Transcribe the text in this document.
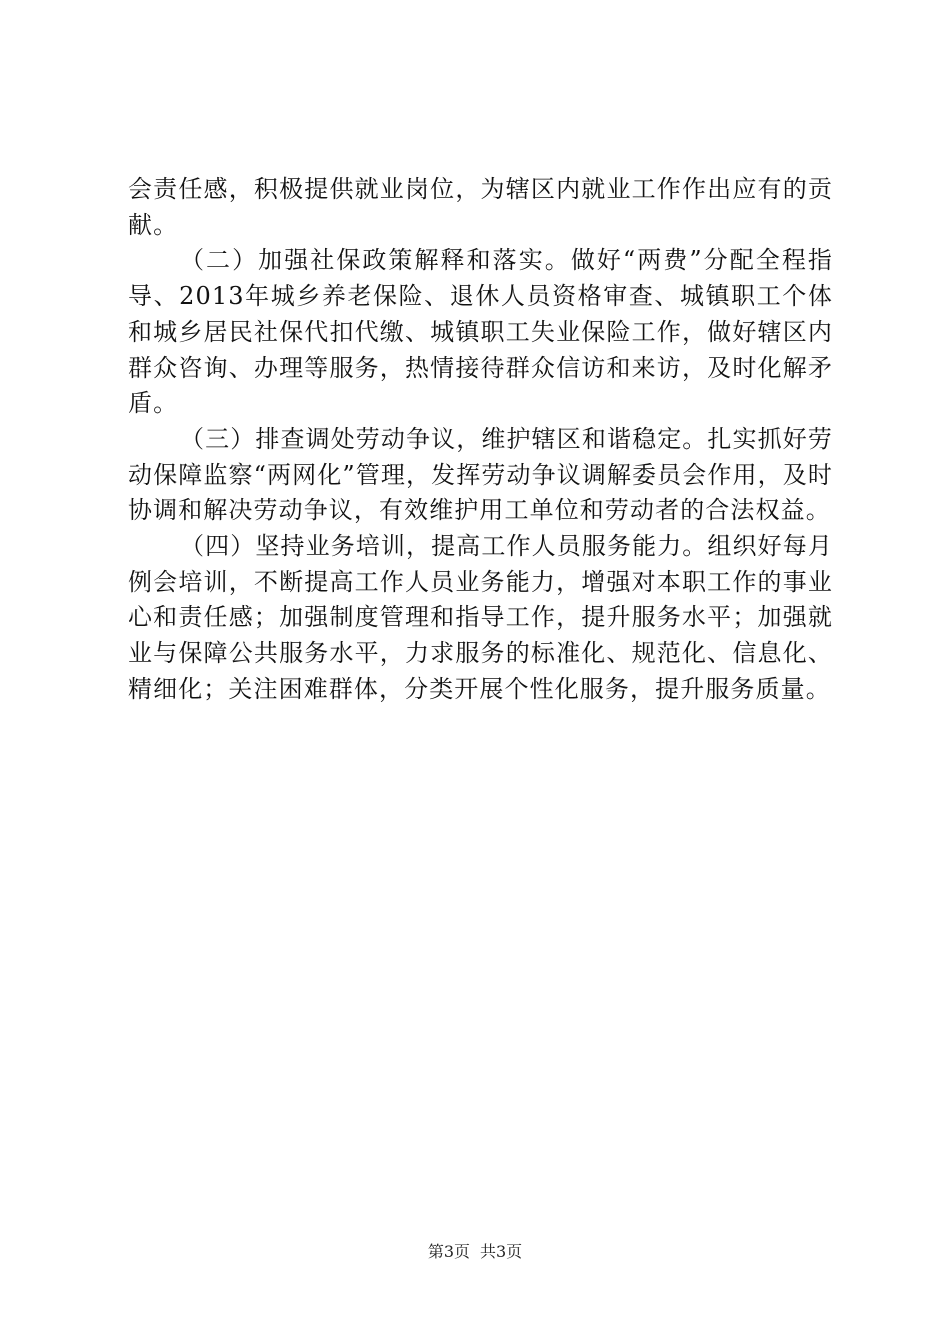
会责任感，积极提供就业岗位，为辖区内就业工作作出应有的贡献。

（二）加强社保政策解释和落实。做好“两费”分配全程指导、2013年城乡养老保险、退休人员资格审查、城镇职工个体和城乡居民社保代扣代缴、城镇职工失业保险工作，做好辖区内群众咨询、办理等服务，热情接待群众信访和来访，及时化解矛盾。

（三）排查调处劳动争议，维护辖区和谐稳定。扎实抓好劳动保障监察“两网化”管理，发挥劳动争议调解委员会作用，及时协调和解决劳动争议，有效维护用工单位和劳动者的合法权益。

（四）坚持业务培训，提高工作人员服务能力。组织好每月例会培训，不断提高工作人员业务能力，增强对本职工作的事业心和责任感；加强制度管理和指导工作，提升服务水平；加强就业与保障公共服务水平，力求服务的标准化、规范化、信息化、精细化；关注困难群体，分类开展个性化服务，提升服务质量。

第3页 共3页
